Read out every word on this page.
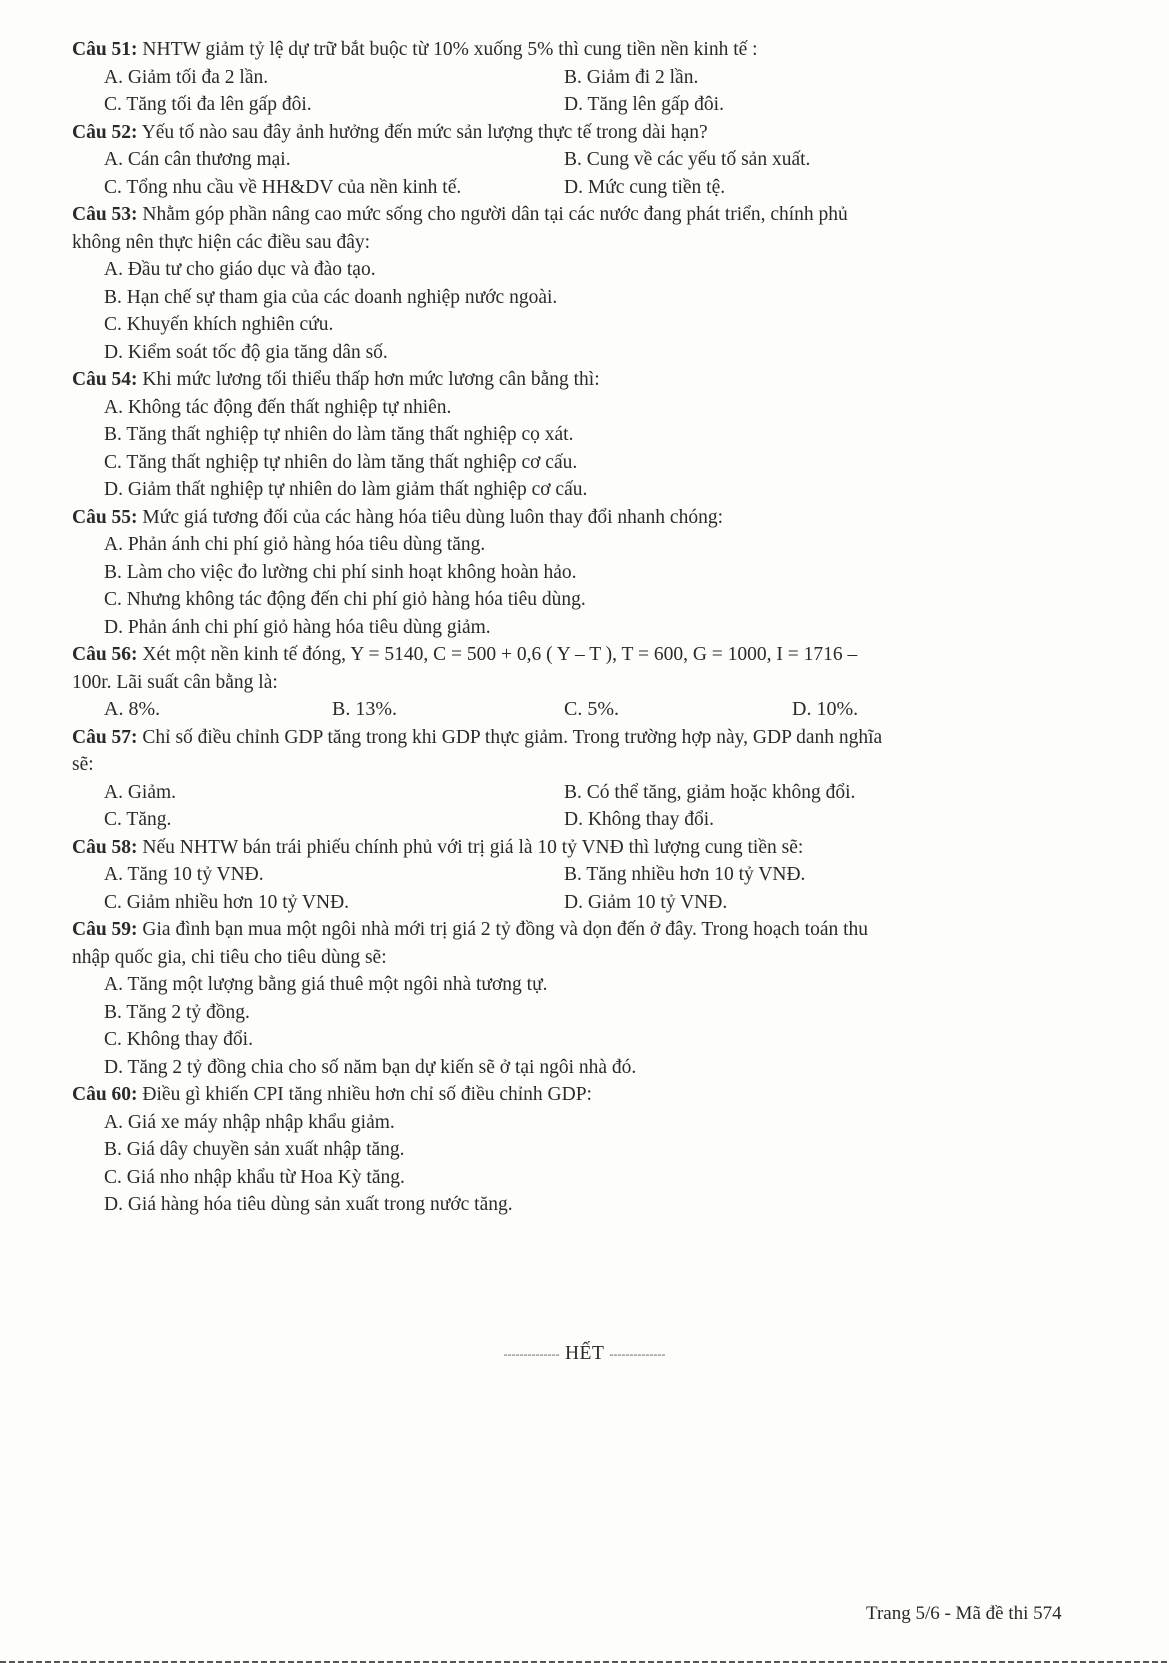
Câu 51: NHTW giảm tỷ lệ dự trữ bắt buộc từ 10% xuống 5% thì cung tiền nền kinh tế :
A. Giảm tối đa 2 lần.	B. Giảm đi 2 lần.
C. Tăng tối đa lên gấp đôi.	D. Tăng lên gấp đôi.
Câu 52: Yếu tố nào sau đây ảnh hưởng đến mức sản lượng thực tế trong dài hạn?
A. Cán cân thương mại.	B. Cung về các yếu tố sản xuất.
C. Tổng nhu cầu về HH&DV của nền kinh tế.	D. Mức cung tiền tệ.
Câu 53: Nhằm góp phần nâng cao mức sống cho người dân tại các nước đang phát triển, chính phủ
không nên thực hiện các điều sau đây:
A. Đầu tư cho giáo dục và đào tạo.
B. Hạn chế sự tham gia của các doanh nghiệp nước ngoài.
C. Khuyến khích nghiên cứu.
D. Kiểm soát tốc độ gia tăng dân số.
Câu 54: Khi mức lương tối thiểu thấp hơn mức lương cân bằng thì:
A. Không tác động đến thất nghiệp tự nhiên.
B. Tăng thất nghiệp tự nhiên do làm tăng thất nghiệp cọ xát.
C. Tăng thất nghiệp tự nhiên do làm tăng thất nghiệp cơ cấu.
D. Giảm thất nghiệp tự nhiên do làm giảm thất nghiệp cơ cấu.
Câu 55: Mức giá tương đối của các hàng hóa tiêu dùng luôn thay đổi nhanh chóng:
A. Phản ánh chi phí giỏ hàng hóa tiêu dùng tăng.
B. Làm cho việc đo lường chi phí sinh hoạt không hoàn hảo.
C. Nhưng không tác động đến chi phí giỏ hàng hóa tiêu dùng.
D. Phản ánh chi phí giỏ hàng hóa tiêu dùng giảm.
Câu 56: Xét một nền kinh tế đóng, Y = 5140, C = 500 + 0,6 ( Y – T ), T = 600, G = 1000, I = 1716 –
100r. Lãi suất cân bằng là:
A. 8%.	B. 13%.	C. 5%.	D. 10%.
Câu 57: Chỉ số điều chỉnh GDP tăng trong khi GDP thực giảm. Trong trường hợp này, GDP danh nghĩa
sẽ:
A. Giảm.	B. Có thể tăng, giảm hoặc không đổi.
C. Tăng.	D. Không thay đổi.
Câu 58: Nếu NHTW bán trái phiếu chính phủ với trị giá là 10 tỷ VNĐ thì lượng cung tiền sẽ:
A. Tăng 10 tỷ VNĐ.	B. Tăng nhiều hơn 10 tỷ VNĐ.
C. Giảm nhiều hơn 10 tỷ VNĐ.	D. Giảm 10 tỷ VNĐ.
Câu 59: Gia đình bạn mua một ngôi nhà mới trị giá 2 tỷ đồng và dọn đến ở đây. Trong hoạch toán thu
nhập quốc gia, chi tiêu cho tiêu dùng sẽ:
A. Tăng một lượng bằng giá thuê một ngôi nhà tương tự.
B. Tăng 2 tỷ đồng.
C. Không thay đổi.
D. Tăng 2 tỷ đồng chia cho số năm bạn dự kiến sẽ ở tại ngôi nhà đó.
Câu 60: Điều gì khiến CPI tăng nhiều hơn chỉ số điều chỉnh GDP:
A. Giá xe máy nhập nhập khẩu giảm.
B. Giá dây chuyền sản xuất nhập tăng.
C. Giá nho nhập khẩu từ Hoa Kỳ tăng.
D. Giá hàng hóa tiêu dùng sản xuất trong nước tăng.
-------------- HẾT --------------
Trang 5/6 - Mã đề thi 574
